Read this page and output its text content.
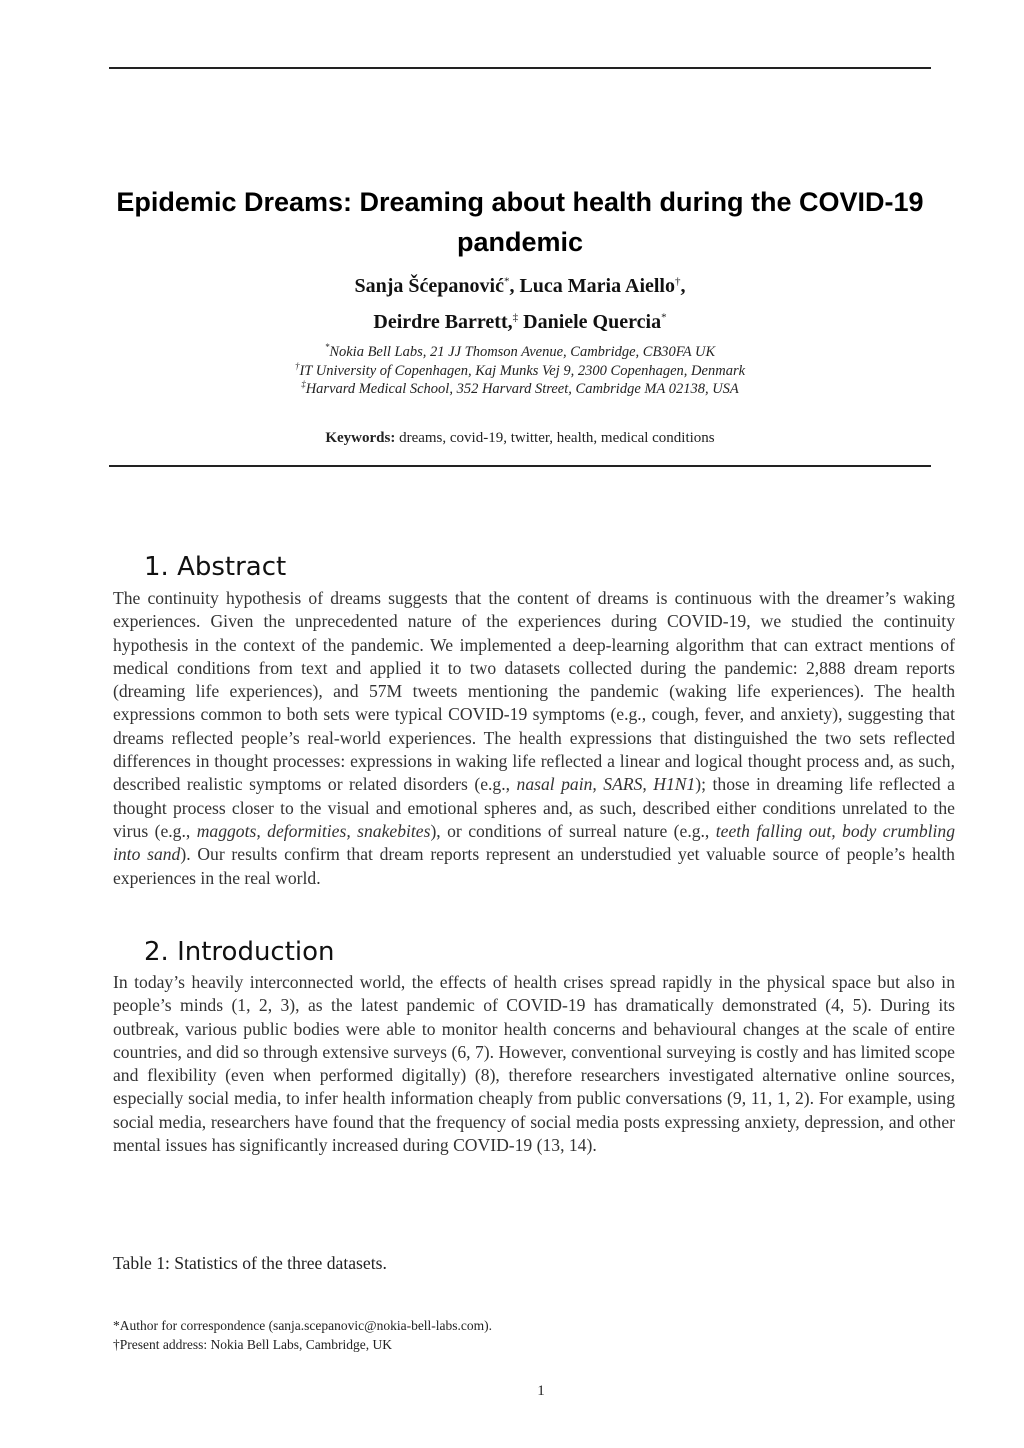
Epidemic Dreams: Dreaming about health during the COVID-19 pandemic
Sanja Šćepanović*, Luca Maria Aiello†,
Deirdre Barrett,‡ Daniele Quercia*
*Nokia Bell Labs, 21 JJ Thomson Avenue, Cambridge, CB30FA UK
†IT University of Copenhagen, Kaj Munks Vej 9, 2300 Copenhagen, Denmark
‡Harvard Medical School, 352 Harvard Street, Cambridge MA 02138, USA
Keywords: dreams, covid-19, twitter, health, medical conditions
1. Abstract

The continuity hypothesis of dreams suggests that the content of dreams is continuous with the dreamer’s waking experiences. Given the unprecedented nature of the experiences during COVID-19, we studied the continuity hypothesis in the context of the pandemic. We implemented a deep-learning algorithm that can extract mentions of medical conditions from text and applied it to two datasets collected during the pandemic: 2,888 dream reports (dreaming life experiences), and 57M tweets mentioning the pandemic (waking life experiences). The health expressions common to both sets were typical COVID-19 symptoms (e.g., cough, fever, and anxiety), suggesting that dreams reflected people’s real-world experiences. The health expressions that distinguished the two sets reflected differences in thought processes: expressions in waking life reflected a linear and logical thought process and, as such, described realistic symptoms or related disorders (e.g., nasal pain, SARS, H1N1); those in dreaming life reflected a thought process closer to the visual and emotional spheres and, as such, described either conditions unrelated to the virus (e.g., maggots, deformities, snakebites), or conditions of surreal nature (e.g., teeth falling out, body crumbling into sand). Our results confirm that dream reports represent an understudied yet valuable source of people’s health experiences in the real world.

2. Introduction

In today’s heavily interconnected world, the effects of health crises spread rapidly in the physical space but also in people’s minds (1, 2, 3), as the latest pandemic of COVID-19 has dramatically demonstrated (4, 5). During its outbreak, various public bodies were able to monitor health concerns and behavioural changes at the scale of entire countries, and did so through extensive surveys (6, 7). However, conventional surveying is costly and has limited scope and flexibility (even when performed digitally) (8), therefore researchers investigated alternative online sources, especially social media, to infer health information cheaply from public conversations (9, 11, 1, 2). For example, using social media, researchers have found that the frequency of social media posts expressing anxiety, depression, and other mental issues has significantly increased during COVID-19 (13, 14).

Table 1: Statistics of the three datasets.
*Author for correspondence (sanja.scepanovic@nokia-bell-labs.com).
†Present address: Nokia Bell Labs, Cambridge, UK
1
